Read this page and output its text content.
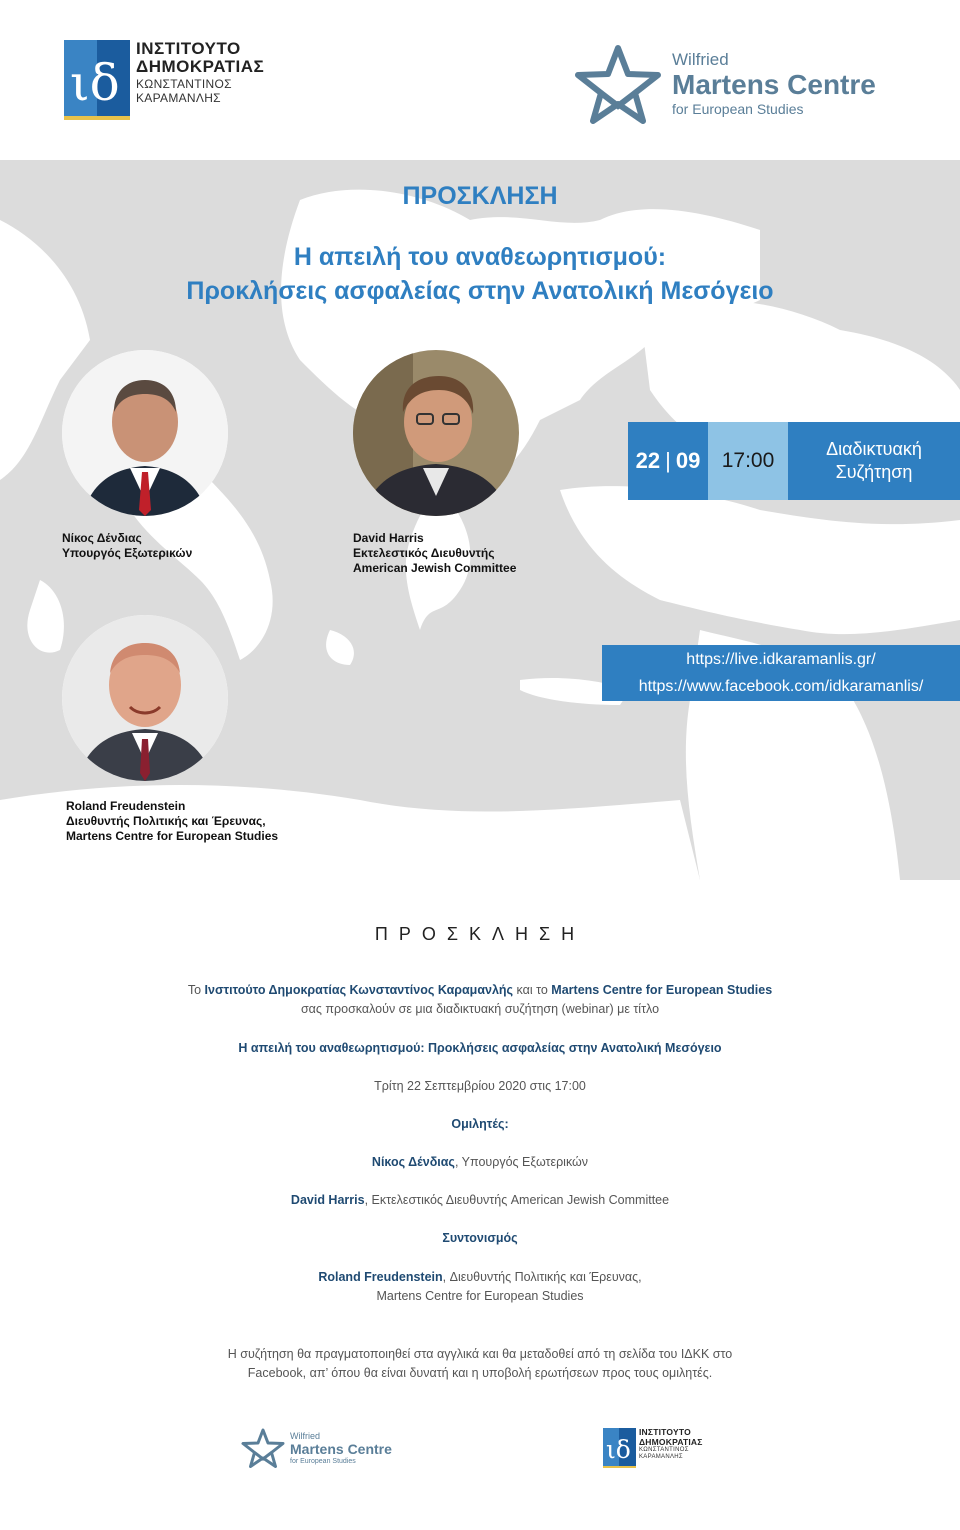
ιδ
ΙΝΣΤΙΤΟΥΤΟ
ΔΗΜΟΚΡΑΤΙΑΣ
ΚΩΝΣΤΑΝΤΙΝΟΣ
ΚΑΡΑΜΑΝΛΗΣ
Wilfried
Martens Centre
for European Studies
ΠΡΟΣΚΛΗΣΗ
Η απειλή του αναθεωρητισμού:
Προκλήσεις ασφαλείας στην Ανατολική Μεσόγειο
Νίκος Δένδιας
Υπουργός Εξωτερικών
David Harris
Εκτελεστικός Διευθυντής
American Jewish Committee
Roland Freudenstein
Διευθυντής Πολιτικής και Έρευνας,
Martens Centre for European Studies
22 | 09	17:00	Διαδικτυακή
Συζήτηση
https://live.idkaramanlis.gr/
https://www.facebook.com/idkaramanlis/
ΠΡΟΣΚΛΗΣΗ
Το Ινστιτούτο Δημοκρατίας Κωνσταντίνος Καραμανλής και το Martens Centre for European Studies σας προσκαλούν σε μια διαδικτυακή συζήτηση (webinar) με τίτλο
Η απειλή του αναθεωρητισμού: Προκλήσεις ασφαλείας στην Ανατολική Μεσόγειο
Τρίτη 22 Σεπτεμβρίου 2020 στις 17:00
Ομιλητές:
Νίκος Δένδιας, Υπουργός Εξωτερικών
David Harris, Εκτελεστικός Διευθυντής American Jewish Committee
Συντονισμός
Roland Freudenstein, Διευθυντής Πολιτικής και Έρευνας,
Martens Centre for European Studies
Η συζήτηση θα πραγματοποιηθεί στα αγγλικά και θα μεταδοθεί από τη σελίδα του ΙΔΚΚ στο Facebook, απ’ όπου θα είναι δυνατή και η υποβολή ερωτήσεων προς τους ομιλητές.
Wilfried
Martens Centre
for European Studies	ιδ
ΙΝΣΤΙΤΟΥΤΟ
ΔΗΜΟΚΡΑΤΙΑΣ
ΚΩΝΣΤΑΝΤΙΝΟΣ
ΚΑΡΑΜΑΝΛΗΣ
